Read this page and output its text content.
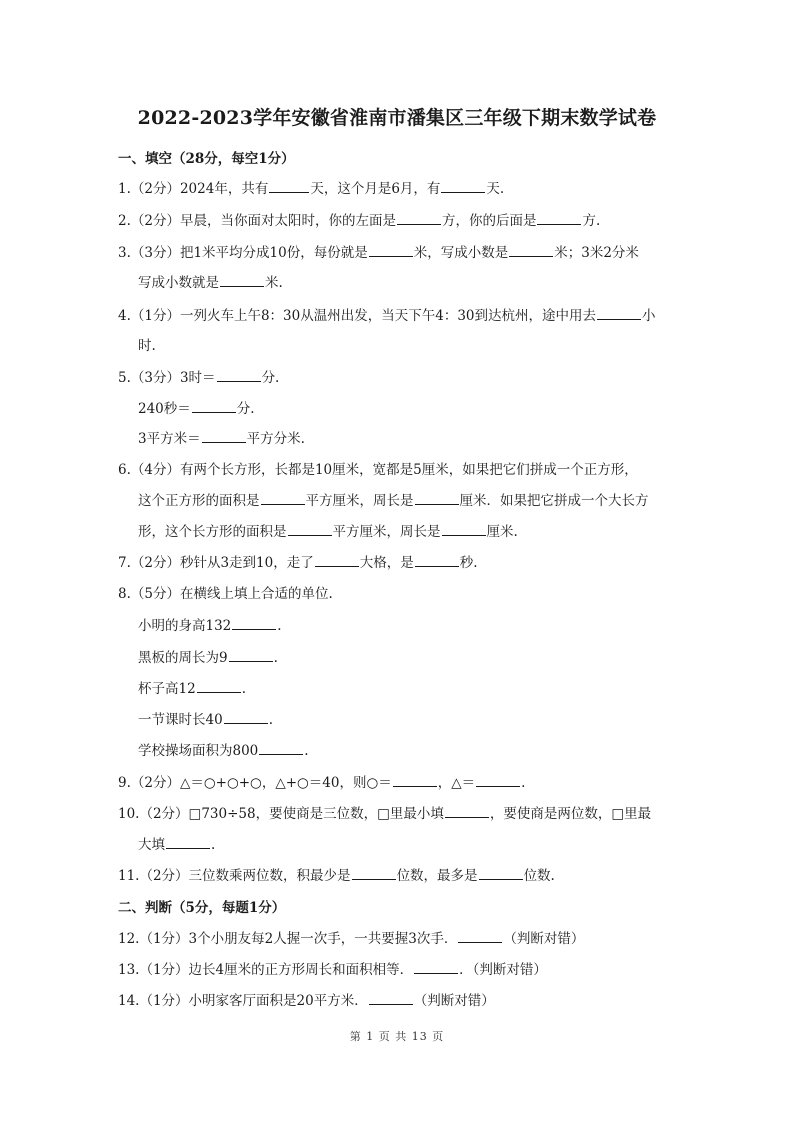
2022-2023学年安徽省淮南市潘集区三年级下期末数学试卷
一、填空（28分，每空1分）
1.（2分）2024年，共有	天，这个月是6月，有	天.
2.（2分）早晨，当你面对太阳时，你的左面是	方，你的后面是	方.
3.（3分）把1米平均分成10份，每份就是	米，写成小数是	米；3米2分米
写成小数就是	米.
4.（1分）一列火车上午8：30从温州出发，当天下午4：30到达杭州，途中用去	小
时.
5.（3分）3时＝	分.
240秒＝	分.
3平方米＝	平方分米.
6.（4分）有两个长方形，长都是10厘米，宽都是5厘米，如果把它们拼成一个正方形，
这个正方形的面积是	平方厘米，周长是	厘米．如果把它拼成一个大长方
形，这个长方形的面积是	平方厘米，周长是	厘米.
7.（2分）秒针从3走到10，走了	大格，是	秒.
8.（5分）在横线上填上合适的单位.
小明的身高132	.
黑板的周长为9	.
杯子高12	.
一节课时长40	.
学校操场面积为800	.
9.（2分）△＝○+○+○，△+○＝40，则○＝	，△＝	.
10.（2分）□730÷58，要使商是三位数，□里最小填	，要使商是两位数，□里最
大填	.
11.（2分）三位数乘两位数，积最少是	位数，最多是	位数.
二、判断（5分，每题1分）
12.（1分）3个小朋友每2人握一次手，一共要握3次手．	（判断对错）
13.（1分）边长4厘米的正方形周长和面积相等．	．（判断对错）
14.（1分）小明家客厅面积是20平方米．	（判断对错）
第 1 页 共 13 页
